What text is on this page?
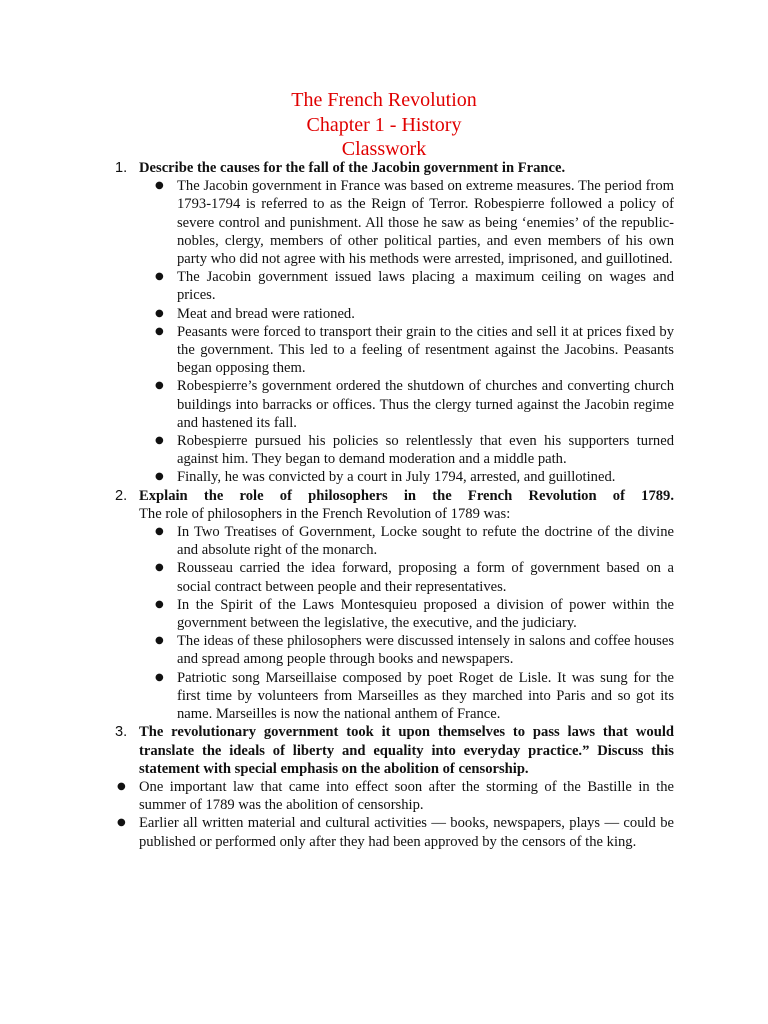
The French Revolution
Chapter 1 - History
Classwork
1. Describe the causes for the fall of the Jacobin government in France.
● The Jacobin government in France was based on extreme measures. The period from 1793-1794 is referred to as the Reign of Terror. Robespierre followed a policy of severe control and punishment. All those he saw as being ‘enemies’ of the republic-nobles, clergy, members of other political parties, and even members of his own party who did not agree with his methods were arrested, imprisoned, and guillotined.
● The Jacobin government issued laws placing a maximum ceiling on wages and prices.
● Meat and bread were rationed.
● Peasants were forced to transport their grain to the cities and sell it at prices fixed by the government. This led to a feeling of resentment against the Jacobins. Peasants began opposing them.
● Robespierre’s government ordered the shutdown of churches and converting church buildings into barracks or offices. Thus the clergy turned against the Jacobin regime and hastened its fall.
● Robespierre pursued his policies so relentlessly that even his supporters turned against him. They began to demand moderation and a middle path.
● Finally, he was convicted by a court in July 1794, arrested, and guillotined.
2. Explain the role of philosophers in the French Revolution of 1789.

The role of philosophers in the French Revolution of 1789 was:

● In Two Treatises of Government, Locke sought to refute the doctrine of the divine and absolute right of the monarch.
● Rousseau carried the idea forward, proposing a form of government based on a social contract between people and their representatives.
● In the Spirit of the Laws Montesquieu proposed a division of power within the government between the legislative, the executive, and the judiciary.
● The ideas of these philosophers were discussed intensely in salons and coffee houses and spread among people through books and newspapers.
● Patriotic song Marseillaise composed by poet Roget de Lisle. It was sung for the first time by volunteers from Marseilles as they marched into Paris and so got its name. Marseilles is now the national anthem of France.
3. The revolutionary government took it upon themselves to pass laws that would translate the ideals of liberty and equality into everyday practice.” Discuss this statement with special emphasis on the abolition of censorship.
● One important law that came into effect soon after the storming of the Bastille in the summer of 1789 was the abolition of censorship.
● Earlier all written material and cultural activities — books, newspapers, plays — could be published or performed only after they had been approved by the censors of the king.
